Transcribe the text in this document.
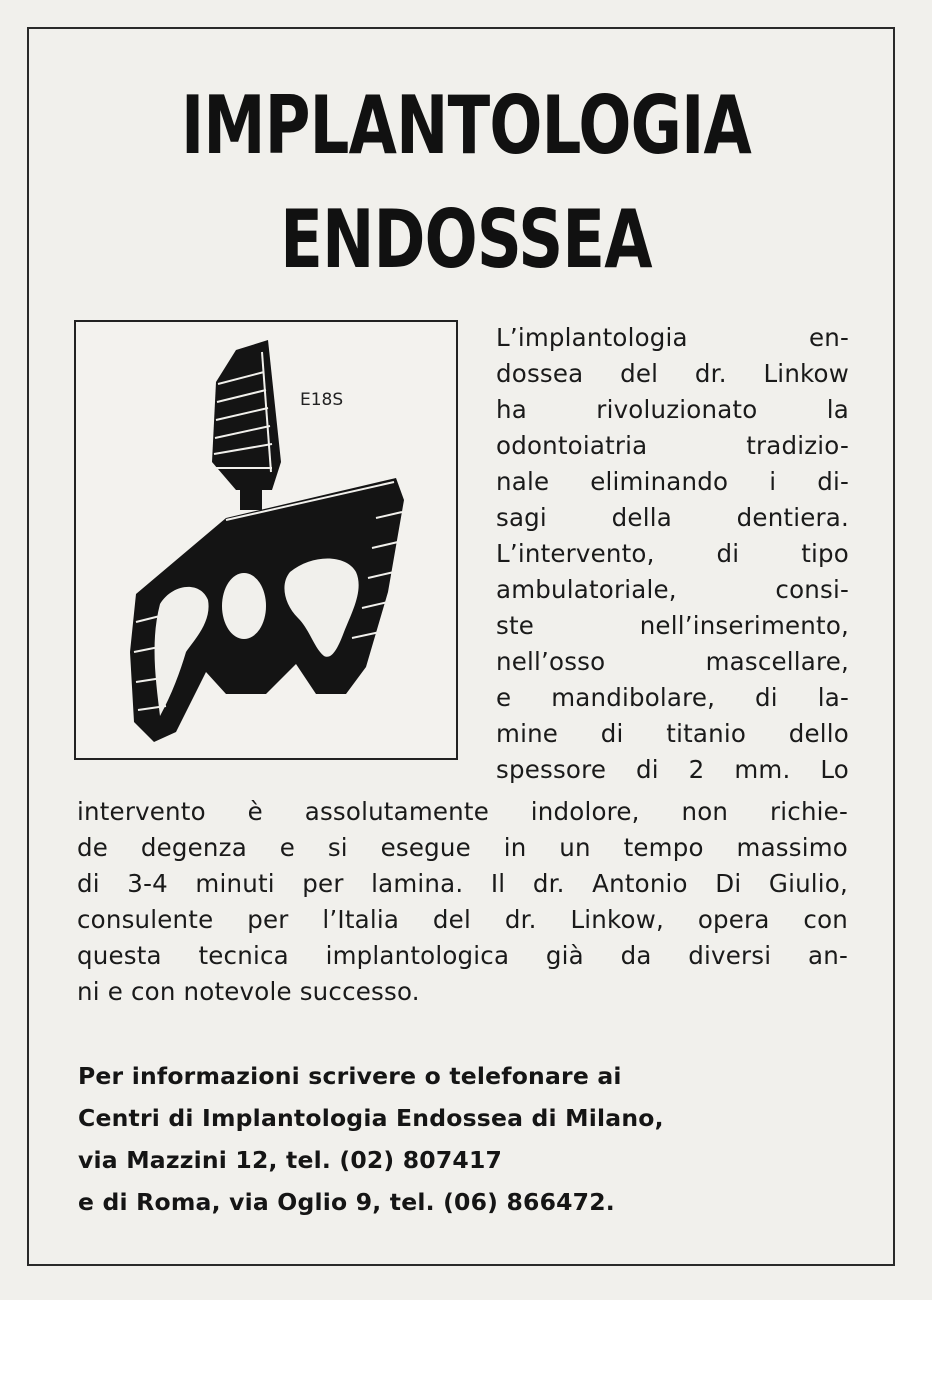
IMPLANTOLOGIA
ENDOSSEA
E18S
L’implantologia en-
dossea del dr. Linkow
ha rivoluzionato la
odontoiatria tradizio-
nale eliminando i di-
sagi della dentiera.
L’intervento, di tipo
ambulatoriale, consi-
ste nell’inserimento,
nell’osso mascellare,
e mandibolare, di la-
mine di titanio dello
spessore di 2 mm. Lo
intervento è assolutamente indolore, non richie-
de degenza e si esegue in un tempo massimo
di 3-4 minuti per lamina. Il dr. Antonio Di Giulio,
consulente per l’Italia del dr. Linkow, opera con
questa tecnica implantologica già da diversi an-
ni e con notevole successo.
Per informazioni scrivere o telefonare ai
Centri di Implantologia Endossea di Milano,
via Mazzini 12, tel. (02) 807417
e di Roma, via Oglio 9, tel. (06) 866472.
